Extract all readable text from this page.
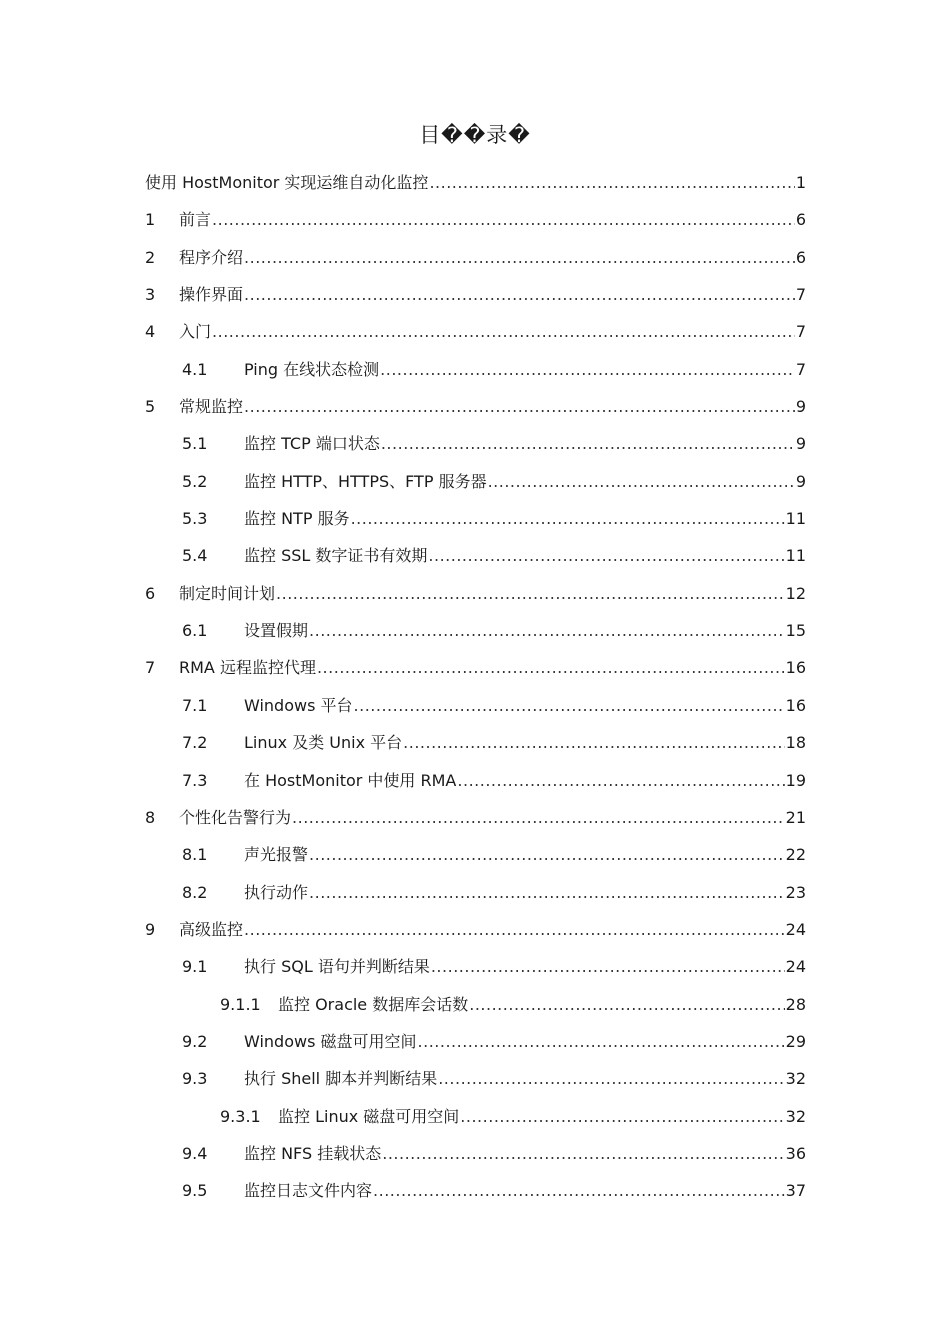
目��录�
使用 HostMonitor 实现运维自动化监控 .....	1
1	前言 .....	6
2	程序介绍 .....	6
3	操作界面 .....	7
4	入门 .....	7
4.1	Ping 在线状态检测 .....	7
5	常规监控 .....	9
5.1	监控 TCP 端口状态 .....	9
5.2	监控 HTTP、HTTPS、FTP 服务器 .....	9
5.3	监控 NTP 服务 .....	11
5.4	监控 SSL 数字证书有效期 .....	11
6	制定时间计划 .....	12
6.1	设置假期 .....	15
7	RMA 远程监控代理 .....	16
7.1	Windows 平台 .....	16
7.2	Linux 及类 Unix 平台 .....	18
7.3	在 HostMonitor 中使用 RMA .....	19
8	个性化告警行为 .....	21
8.1	声光报警 .....	22
8.2	执行动作 .....	23
9	高级监控 .....	24
9.1	执行 SQL 语句并判断结果 .....	24
9.1.1	监控 Oracle 数据库会话数 .....	28
9.2	Windows 磁盘可用空间 .....	29
9.3	执行 Shell 脚本并判断结果 .....	32
9.3.1	监控 Linux 磁盘可用空间 .....	32
9.4	监控 NFS 挂载状态 .....	36
9.5	监控日志文件内容 .....	37
